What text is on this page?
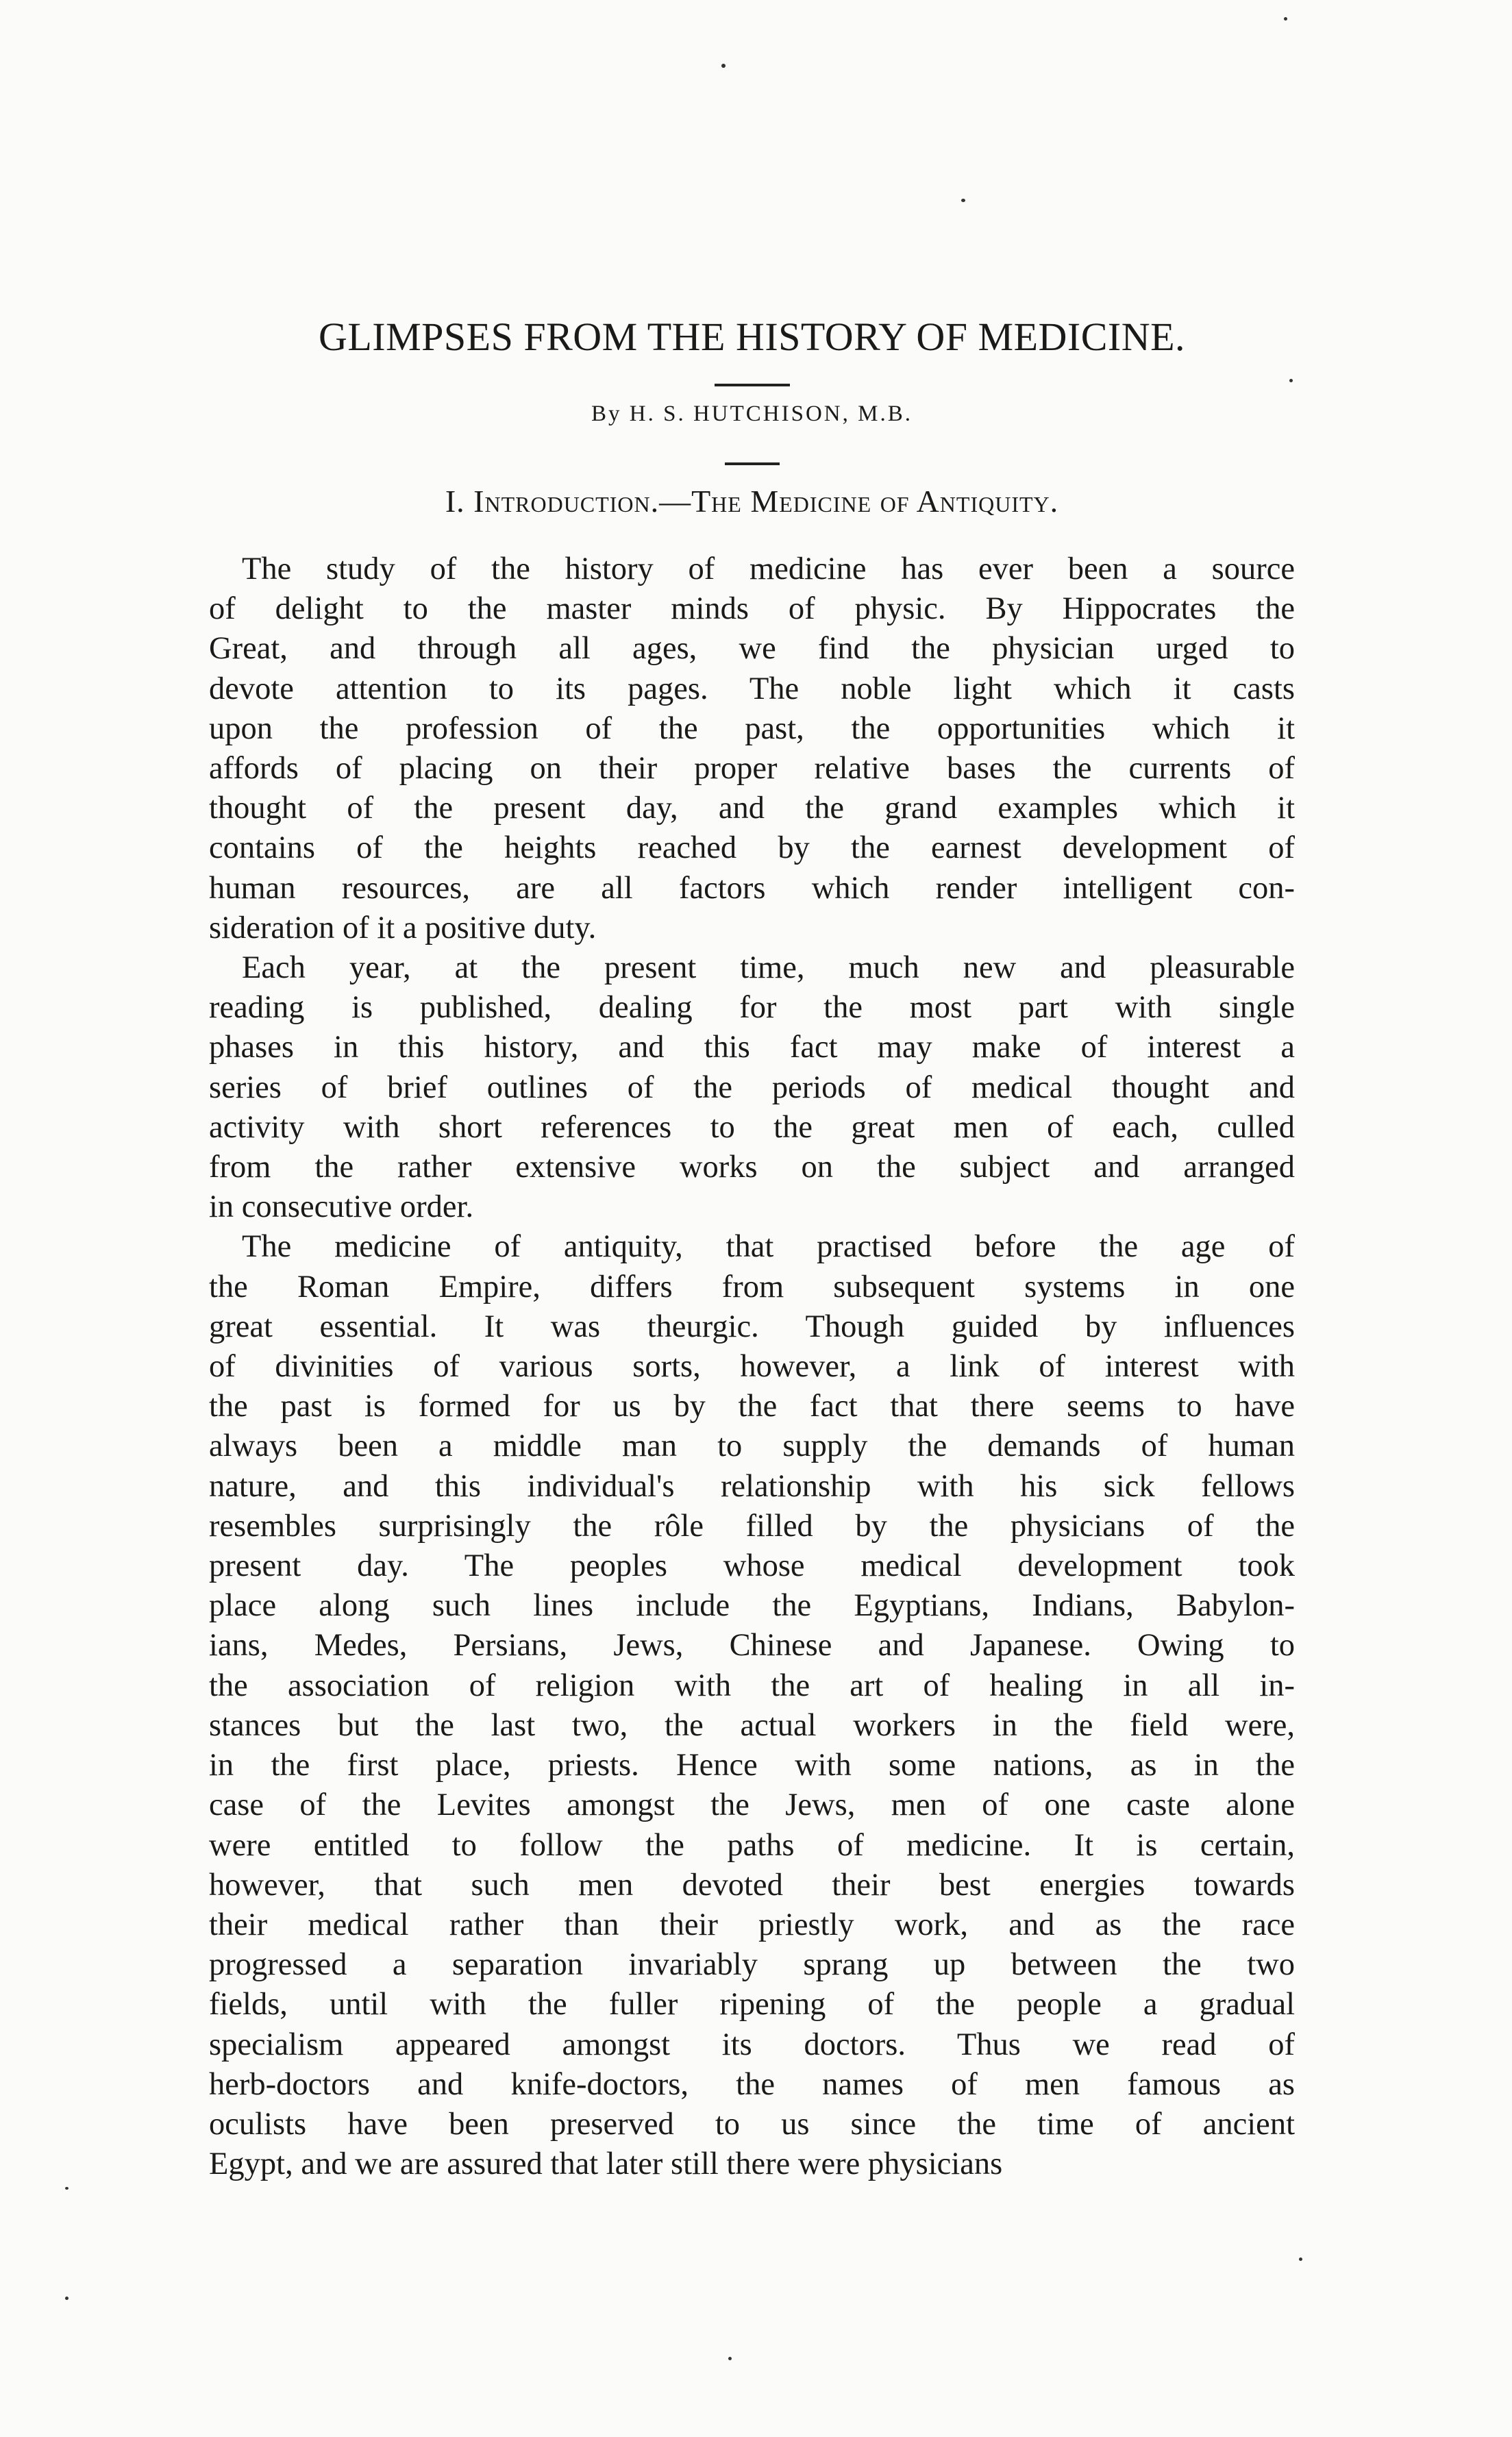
GLIMPSES FROM THE HISTORY OF MEDICINE.
By H. S. HUTCHISON, M.B.
I. Introduction.—The Medicine of Antiquity.
The study of the history of medicine has ever been a source
of delight to the master minds of physic. By Hippocrates the
Great, and through all ages, we find the physician urged to
devote attention to its pages. The noble light which it casts
upon the profession of the past, the opportunities which it
affords of placing on their proper relative bases the currents of
thought of the present day, and the grand examples which it
contains of the heights reached by the earnest development of
human resources, are all factors which render intelligent con-
sideration of it a positive duty.
Each year, at the present time, much new and pleasurable
reading is published, dealing for the most part with single
phases in this history, and this fact may make of interest a
series of brief outlines of the periods of medical thought and
activity with short references to the great men of each, culled
from the rather extensive works on the subject and arranged
in consecutive order.
The medicine of antiquity, that practised before the age of
the Roman Empire, differs from subsequent systems in one
great essential. It was theurgic. Though guided by influences
of divinities of various sorts, however, a link of interest with
the past is formed for us by the fact that there seems to have
always been a middle man to supply the demands of human
nature, and this individual's relationship with his sick fellows
resembles surprisingly the rôle filled by the physicians of the
present day. The peoples whose medical development took
place along such lines include the Egyptians, Indians, Babylon-
ians, Medes, Persians, Jews, Chinese and Japanese. Owing to
the association of religion with the art of healing in all in-
stances but the last two, the actual workers in the field were,
in the first place, priests. Hence with some nations, as in the
case of the Levites amongst the Jews, men of one caste alone
were entitled to follow the paths of medicine. It is certain,
however, that such men devoted their best energies towards
their medical rather than their priestly work, and as the race
progressed a separation invariably sprang up between the two
fields, until with the fuller ripening of the people a gradual
specialism appeared amongst its doctors. Thus we read of
herb-doctors and knife-doctors, the names of men famous as
oculists have been preserved to us since the time of ancient
Egypt, and we are assured that later still there were physicians
